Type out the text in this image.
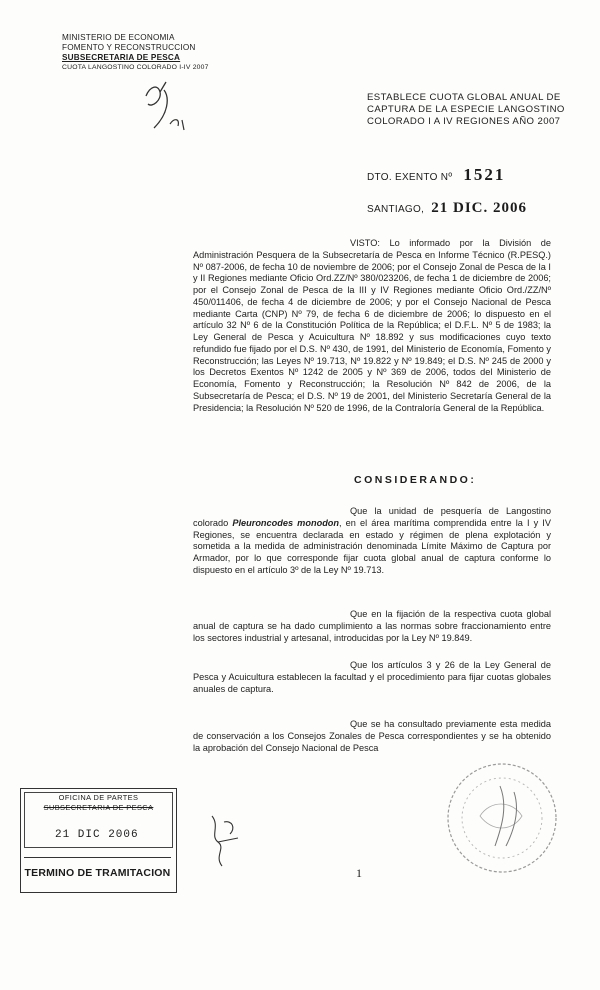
MINISTERIO DE ECONOMIA
FOMENTO Y RECONSTRUCCION
SUBSECRETARIA DE PESCA
CUOTA LANGOSTINO COLORADO I-IV 2007
ESTABLECE CUOTA GLOBAL ANUAL DE CAPTURA DE LA ESPECIE LANGOSTINO COLORADO I A IV REGIONES AÑO 2007
DTO. EXENTO Nº 1521
SANTIAGO, 21 DIC. 2006
VISTO: Lo informado por la División de Administración Pesquera de la Subsecretaría de Pesca en Informe Técnico (R.PESQ.) Nº 087-2006, de fecha 10 de noviembre de 2006; por el Consejo Zonal de Pesca de la I y II Regiones mediante Oficio Ord.ZZ/Nº 380/023206, de fecha 1 de diciembre de 2006; por el Consejo Zonal de Pesca de la III y IV Regiones mediante Oficio Ord./ZZ/Nº 450/011406, de fecha 4 de diciembre de 2006; y por el Consejo Nacional de Pesca mediante Carta (CNP) Nº 79, de fecha 6 de diciembre de 2006; lo dispuesto en el artículo 32 Nº 6 de la Constitución Política de la República; el D.F.L. Nº 5 de 1983; la Ley General de Pesca y Acuicultura Nº 18.892 y sus modificaciones cuyo texto refundido fue fijado por el D.S. Nº 430, de 1991, del Ministerio de Economía, Fomento y Reconstrucción; las Leyes Nº 19.713, Nº 19.822 y Nº 19.849; el D.S. Nº 245 de 2000 y los Decretos Exentos Nº 1242 de 2005 y Nº 369 de 2006, todos del Ministerio de Economía, Fomento y Reconstrucción; la Resolución Nº 842 de 2006, de la Subsecretaría de Pesca; el D.S. Nº 19 de 2001, del Ministerio Secretaría General de la Presidencia; la Resolución Nº 520 de 1996, de la Contraloría General de la República.
CONSIDERANDO:
Que la unidad de pesquería de Langostino colorado Pleuroncodes monodon, en el área marítima comprendida entre la I y IV Regiones, se encuentra declarada en estado y régimen de plena explotación y sometida a la medida de administración denominada Límite Máximo de Captura por Armador, por lo que corresponde fijar cuota global anual de captura conforme lo dispuesto en el artículo 3º de la Ley Nº 19.713.
Que en la fijación de la respectiva cuota global anual de captura se ha dado cumplimiento a las normas sobre fraccionamiento entre los sectores industrial y artesanal, introducidas por la Ley Nº 19.849.
Que los artículos 3 y 26 de la Ley General de Pesca y Acuicultura establecen la facultad y el procedimiento para fijar cuotas globales anuales de captura.
Que se ha consultado previamente esta medida de conservación a los Consejos Zonales de Pesca correspondientes y se ha obtenido la aprobación del Consejo Nacional de Pesca
OFICINA DE PARTES
SUBSECRETARIA DE PESCA
21 DIC 2006
TERMINO DE TRAMITACION	1
